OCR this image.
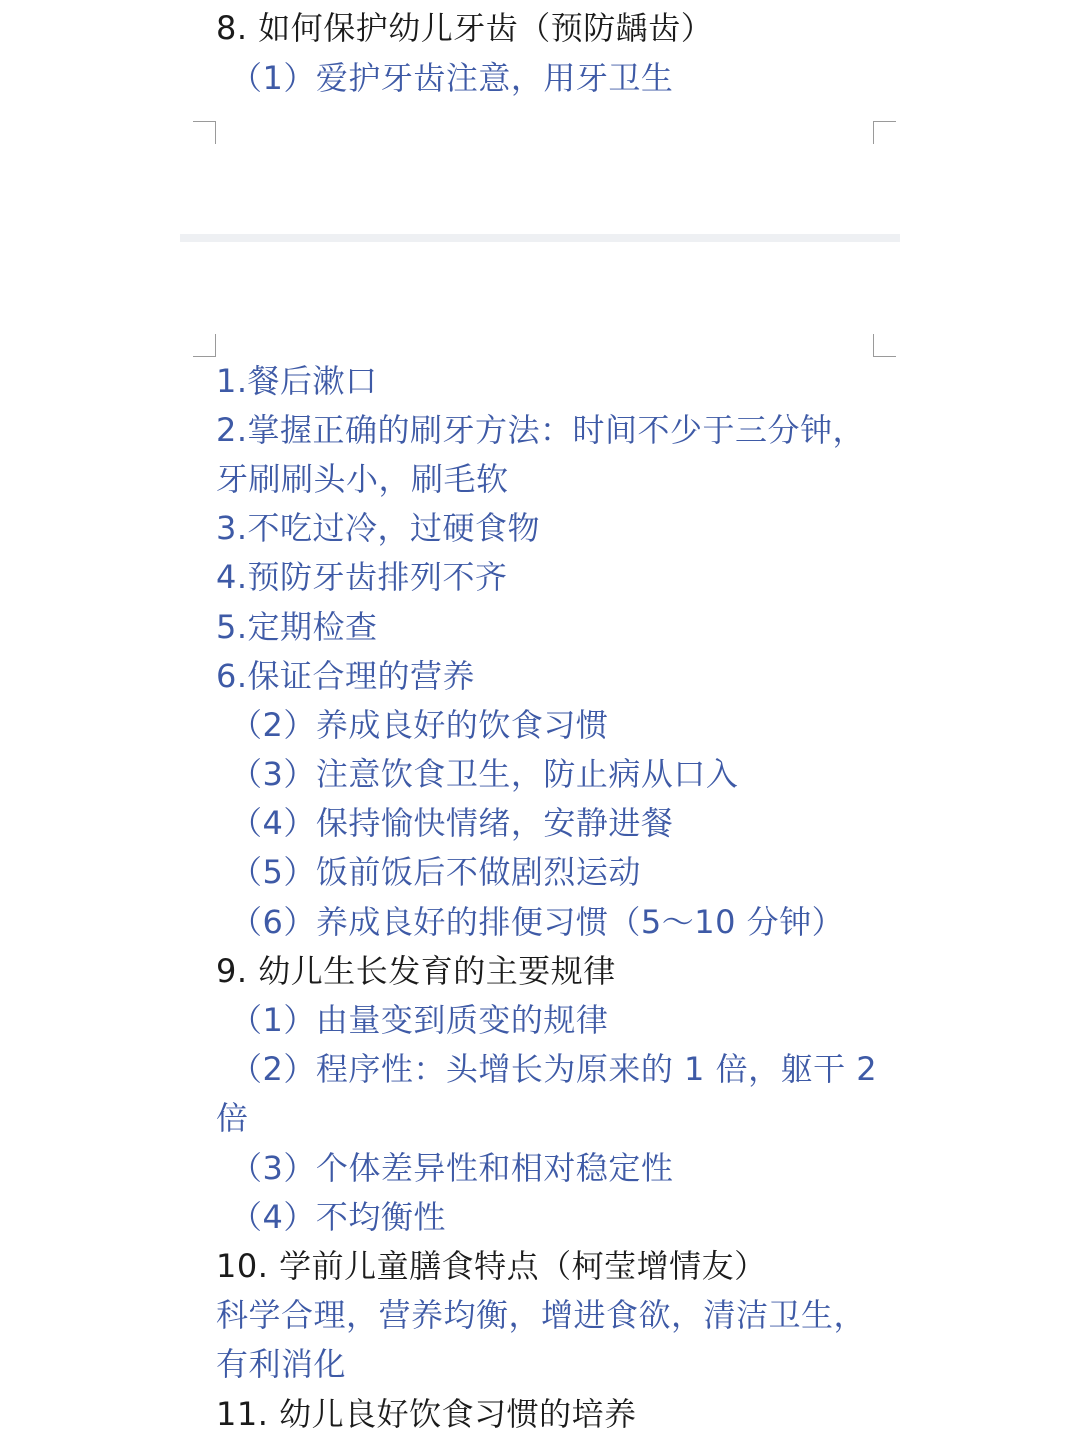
8. 如何保护幼儿牙齿（预防龋齿）
（1）爱护牙齿注意，用牙卫生
1.餐后漱口
2.掌握正确的刷牙方法：时间不少于三分钟，
牙刷刷头小，刷毛软
3.不吃过冷，过硬食物
4.预防牙齿排列不齐
5.定期检查
6.保证合理的营养
（2）养成良好的饮食习惯
（3）注意饮食卫生，防止病从口入
（4）保持愉快情绪，安静进餐
（5）饭前饭后不做剧烈运动
（6）养成良好的排便习惯（5～10 分钟）
9. 幼儿生长发育的主要规律
（1）由量变到质变的规律
（2）程序性：头增长为原来的 1 倍，躯干 2
倍
（3）个体差异性和相对稳定性
（4）不均衡性
10. 学前儿童膳食特点（柯莹增情友）
科学合理，营养均衡，增进食欲，清洁卫生，
有利消化
11. 幼儿良好饮食习惯的培养
